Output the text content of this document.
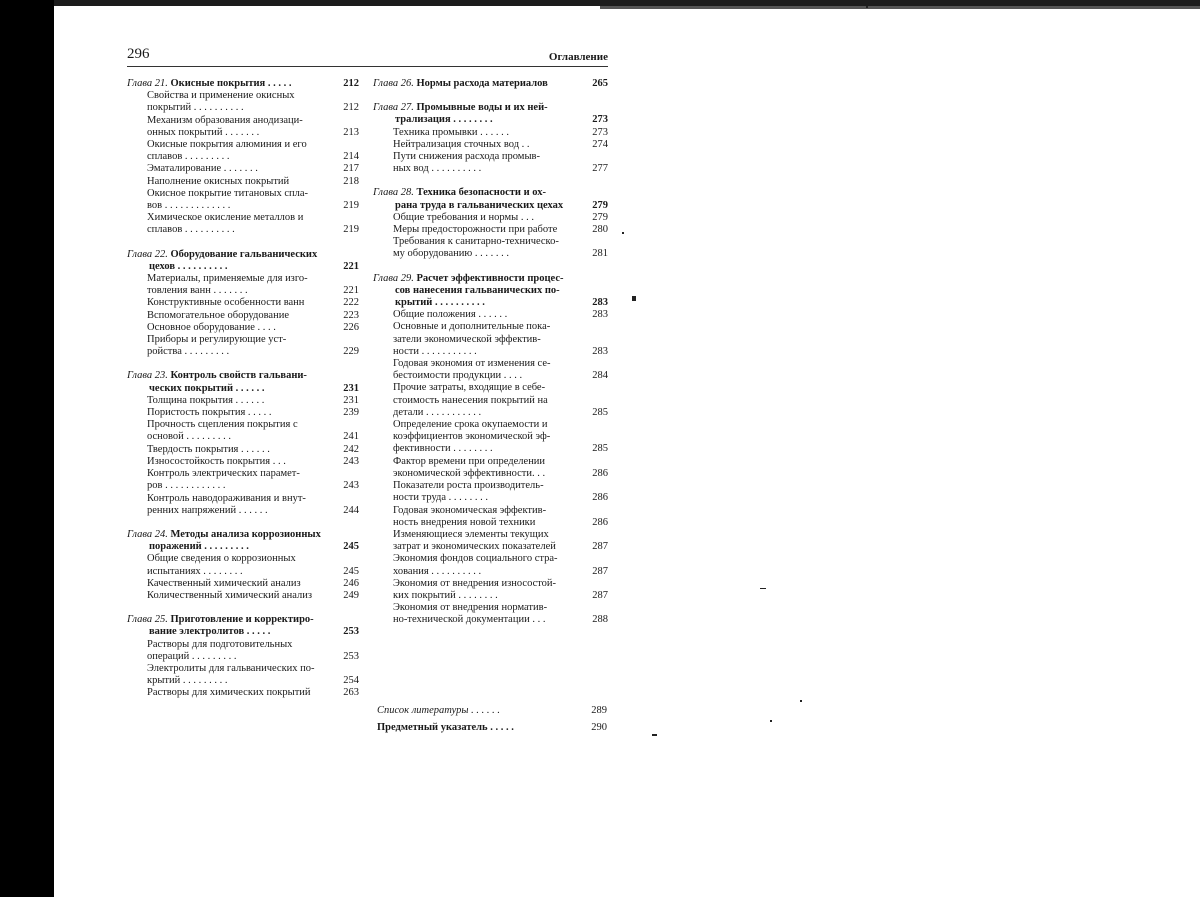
296	Оглавление
Глава 21. Окисные покрытия . . . . .	212
Свойства и применение окисных
покрытий . . . . . . . . . .	212
Механизм образования анодизаци-
онных покрытий . . . . . . .	213
Окисные покрытия алюминия и его
сплавов . . . . . . . . .	214
Эматалирование . . . . . . .	217
Наполнение окисных покрытий	218
Окисное покрытие титановых спла-
вов . . . . . . . . . . . . .	219
Химическое окисление металлов и
сплавов . . . . . . . . . .	219
Глава 22. Оборудование гальванических
цехов . . . . . . . . . .	221
Материалы, применяемые для изго-
товления ванн . . . . . . .	221
Конструктивные особенности ванн	222
Вспомогательное оборудование	223
Основное оборудование . . . .	226
Приборы и регулирующие уст-
ройства . . . . . . . . .	229
Глава 23. Контроль свойств гальвани-
ческих покрытий . . . . . .	231
Толщина покрытия . . . . . .	231
Пористость покрытия . . . . .	239
Прочность сцепления покрытия с
основой . . . . . . . . .	241
Твердость покрытия . . . . . .	242
Износостойкость покрытия . . .	243
Контроль электрических парамет-
ров . . . . . . . . . . . .	243
Контроль наводораживания и внут-
ренних напряжений . . . . . .	244
Глава 24. Методы анализа коррозионных
поражений . . . . . . . . .	245
Общие сведения о коррозионных
испытаниях . . . . . . . .	245
Качественный химический анализ	246
Количественный химический анализ	249
Глава 25. Приготовление и корректиро-
вание электролитов . . . . .	253
Растворы для подготовительных
операций . . . . . . . . .	253
Электролиты для гальванических по-
крытий . . . . . . . . .	254
Растворы для химических покрытий	263
Глава 26. Нормы расхода материалов	265
Глава 27. Промывные воды и их ней-
трализация . . . . . . . .	273
Техника промывки . . . . . .	273
Нейтрализация сточных вод . .	274
Пути снижения расхода промыв-
ных вод . . . . . . . . . .	277
Глава 28. Техника безопасности и ох-
рана труда в гальванических цехах	279
Общие требования и нормы . . .	279
Меры предосторожности при работе	280
Требования к санитарно-техническо-
му оборудованию . . . . . . .	281
Глава 29. Расчет эффективности процес-
сов нанесения гальванических по-
крытий . . . . . . . . . .	283
Общие положения . . . . . .	283
Основные и дополнительные пока-
затели экономической эффектив-
ности . . . . . . . . . . .	283
Годовая экономия от изменения се-
бестоимости продукции . . . .	284
Прочие затраты, входящие в себе-
стоимость нанесения покрытий на
детали . . . . . . . . . . .	285
Определение срока окупаемости и
коэффициентов экономической эф-
фективности . . . . . . . .	285
Фактор времени при определении
экономической эффективности. . .	286
Показатели роста производитель-
ности труда . . . . . . . .	286
Годовая экономическая эффектив-
ность внедрения новой техники	286
Изменяющиеся элементы текущих
затрат и экономических показателей	287
Экономия фондов социального стра-
хования . . . . . . . . . .	287
Экономия от внедрения износостой-
ких покрытий . . . . . . . .	287
Экономия от внедрения норматив-
но-технической документации . . .	288
Список литературы . . . . . .	289
Предметный указатель . . . . .	290
